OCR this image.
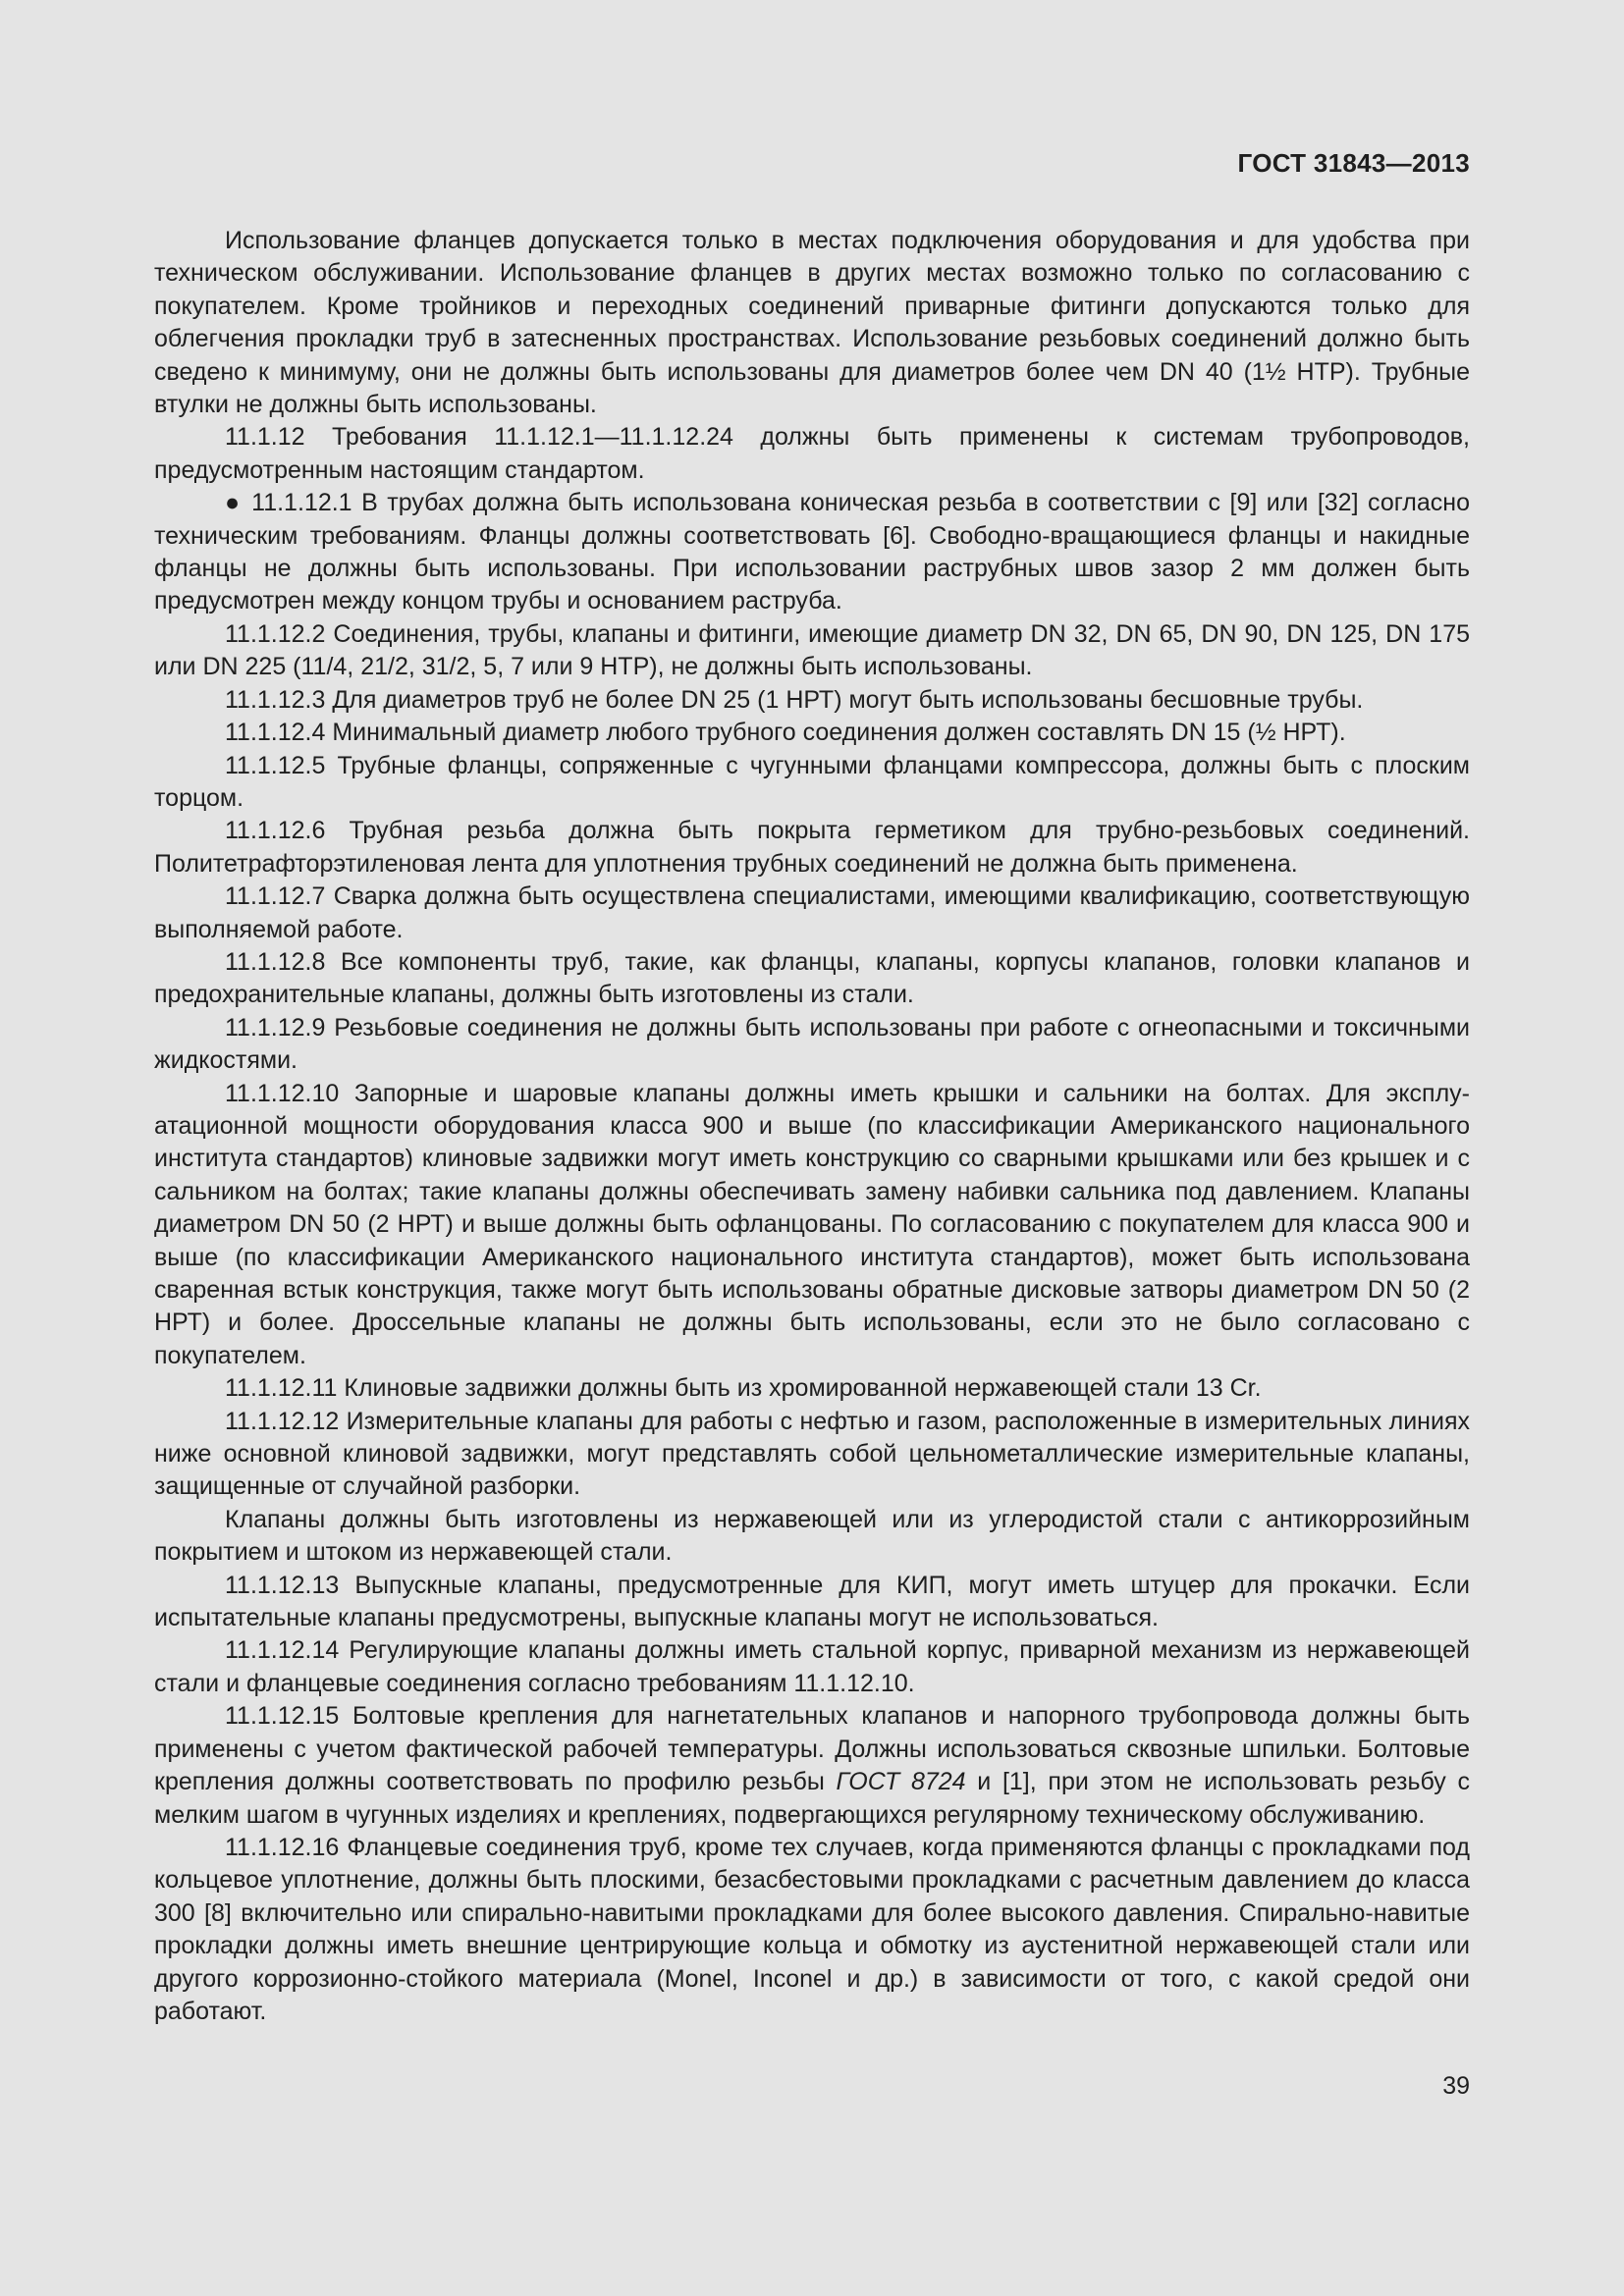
ГОСТ 31843—2013

Использование фланцев допускается только в местах подключения оборудования и для удобства при техническом обслуживании. Использование фланцев в других местах возможно только по согласованию с покупателем. Кроме тройников и переходных соединений приварные фитинги допускаются только для облегчения прокладки труб в затесненных пространствах. Использование резьбовых соединений должно быть сведено к минимуму, они не должны быть использованы для диаметров более чем DN 40 (1½ НТР). Трубные втулки не должны быть использованы.

11.1.12 Требования 11.1.12.1—11.1.12.24 должны быть применены к системам трубопроводов, предусмотренным настоящим стандартом.

● 11.1.12.1 В трубах должна быть использована коническая резьба в соответствии с [9] или [32] согласно техническим требованиям. Фланцы должны соответствовать [6]. Свободно-вращающиеся фланцы и накидные фланцы не должны быть использованы. При использовании раструбных швов зазор 2 мм должен быть предусмотрен между концом трубы и основанием раструба.

11.1.12.2 Соединения, трубы, клапаны и фитинги, имеющие диаметр DN 32, DN 65, DN 90, DN 125, DN 175 или DN 225 (11/4, 21/2, 31/2, 5, 7 или 9 НТР), не должны быть использованы.

11.1.12.3 Для диаметров труб не более DN 25 (1 НРТ) могут быть использованы бесшовные трубы.

11.1.12.4 Минимальный диаметр любого трубного соединения должен составлять DN 15 (½ НРТ).

11.1.12.5 Трубные фланцы, сопряженные с чугунными фланцами компрессора, должны быть с плоским торцом.

11.1.12.6 Трубная резьба должна быть покрыта герметиком для трубно-резьбовых соединений. Политетрафторэтиленовая лента для уплотнения трубных соединений не должна быть применена.

11.1.12.7 Сварка должна быть осуществлена специалистами, имеющими квалификацию, соответствующую выполняемой работе.

11.1.12.8 Все компоненты труб, такие, как фланцы, клапаны, корпусы клапанов, головки клапанов и предохранительные клапаны, должны быть изготовлены из стали.

11.1.12.9 Резьбовые соединения не должны быть использованы при работе с огнеопасными и токсичными жидкостями.

11.1.12.10 Запорные и шаровые клапаны должны иметь крышки и сальники на болтах. Для эксплуатационной мощности оборудования класса 900 и выше (по классификации Американского национального института стандартов) клиновые задвижки могут иметь конструкцию со сварными крышками или без крышек и с сальником на болтах; такие клапаны должны обеспечивать замену набивки сальника под давлением. Клапаны диаметром DN 50 (2 НРТ) и выше должны быть офланцованы. По согласованию с покупателем для класса 900 и выше (по классификации Американского национального института стандартов), может быть использована сваренная встык конструкция, также могут быть использованы обратные дисковые затворы диаметром DN 50 (2 НРТ) и более. Дроссельные клапаны не должны быть использованы, если это не было согласовано с покупателем.

11.1.12.11 Клиновые задвижки должны быть из хромированной нержавеющей стали 13 Cr.

11.1.12.12 Измерительные клапаны для работы с нефтью и газом, расположенные в измерительных линиях ниже основной клиновой задвижки, могут представлять собой цельнометаллические измерительные клапаны, защищенные от случайной разборки.

Клапаны должны быть изготовлены из нержавеющей или из углеродистой стали с антикоррозийным покрытием и штоком из нержавеющей стали.

11.1.12.13 Выпускные клапаны, предусмотренные для КИП, могут иметь штуцер для прокачки. Если испытательные клапаны предусмотрены, выпускные клапаны могут не использоваться.

11.1.12.14 Регулирующие клапаны должны иметь стальной корпус, приварной механизм из нержавеющей стали и фланцевые соединения согласно требованиям 11.1.12.10.

11.1.12.15 Болтовые крепления для нагнетательных клапанов и напорного трубопровода должны быть применены с учетом фактической рабочей температуры. Должны использоваться сквозные шпильки. Болтовые крепления должны соответствовать по профилю резьбы ГОСТ 8724 и [1], при этом не использовать резьбу с мелким шагом в чугунных изделиях и креплениях, подвергающихся регулярному техническому обслуживанию.

11.1.12.16 Фланцевые соединения труб, кроме тех случаев, когда применяются фланцы с прокладками под кольцевое уплотнение, должны быть плоскими, безасбестовыми прокладками с расчетным давлением до класса 300 [8] включительно или спирально-навитыми прокладками для более высокого давления. Спирально-навитые прокладки должны иметь внешние центрирующие кольца и обмотку из аустенитной нержавеющей стали или другого коррозионно-стойкого материала (Monel, Inconel и др.) в зависимости от того, с какой средой они работают.

39
